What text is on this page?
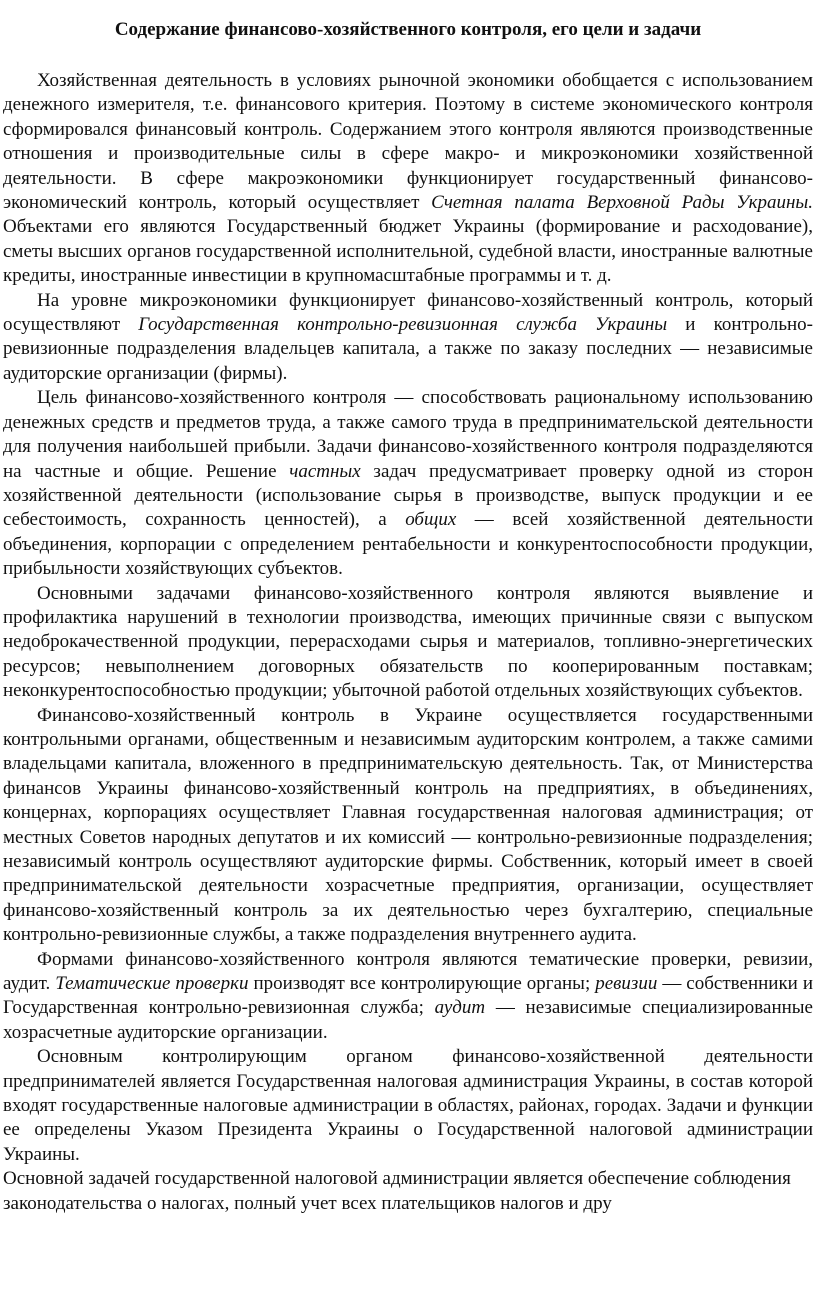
Содержание финансово-хозяйственного контроля, его цели и задачи

Хозяйственная деятельность в условиях рыночной экономики обобщается с использованием денежного измерителя, т.е. финансового критерия. Поэтому в системе экономического контроля сформировался финансовый контроль. Содержанием этого контроля являются производственные отношения и производительные силы в сфере макро- и микроэкономики хозяйственной деятельности. В сфере макроэкономики функционирует государственный финансово-экономический контроль, который осуществляет Счетная палата Верховной Рады Украины. Объектами его являются Государственный бюджет Украины (формирование и расходование), сметы высших органов государственной исполнительной, судебной власти, иностранные валютные кредиты, иностранные инвестиции в крупномасштабные программы и т. д.

На уровне микроэкономики функционирует финансово-хозяйственный контроль, который осуществляют Государственная контрольно-ревизионная служба Украины и контрольно-ревизионные подразделения владельцев капитала, а также по заказу последних — независимые аудиторские организации (фирмы).

Цель финансово-хозяйственного контроля — способствовать рациональному использованию денежных средств и предметов труда, а также самого труда в предпринимательской деятельности для получения наибольшей прибыли. Задачи финансово-хозяйственного контроля подразделяются на частные и общие. Решение частных задач предусматривает проверку одной из сторон хозяйственной деятельности (использование сырья в производстве, выпуск продукции и ее себестоимость, сохранность ценностей), а общих — всей хозяйственной деятельности объединения, корпорации с определением рентабельности и конкурентоспособности продукции, прибыльности хозяйствующих субъектов.

Основными задачами финансово-хозяйственного контроля являются выявление и профилактика нарушений в технологии производства, имеющих причинные связи с выпуском недоброкачественной продукции, перерасходами сырья и материалов, топливно-энергетических ресурсов; невыполнением договорных обязательств по кооперированным поставкам; неконкурентоспособностью продукции; убыточной работой отдельных хозяйствующих субъектов.

Финансово-хозяйственный контроль в Украине осуществляется государственными контрольными органами, общественным и независимым аудиторским контролем, а также самими владельцами капитала, вложенного в предпринимательскую деятельность. Так, от Министерства финансов Украины финансово-хозяйственный контроль на предприятиях, в объединениях, концернах, корпорациях осуществляет Главная государственная налоговая администрация; от местных Советов народных депутатов и их комиссий — контрольно-ревизионные подразделения; независимый контроль осуществляют аудиторские фирмы. Собственник, который имеет в своей предпринимательской деятельности хозрасчетные предприятия, организации, осуществляет финансово-хозяйственный контроль за их деятельностью через бухгалтерию, специальные контрольно-ревизионные службы, а также подразделения внутреннего аудита.

Формами финансово-хозяйственного контроля являются тематические проверки, ревизии, аудит. Тематические проверки производят все контролирующие органы; ревизии — собственники и Государственная контрольно-ревизионная служба; аудит — независимые специализированные хозрасчетные аудиторские организации.

Основным контролирующим органом финансово-хозяйственной деятельности предпринимателей является Государственная налоговая администрация Украины, в состав которой входят государственные налоговые администрации в областях, районах, городах. Задачи и функции ее определены Указом Президента Украины о Государственной налоговой администрации Украины.

Основной задачей государственной налоговой администрации является обеспечение соблюдения законодательства о налогах, полный учет всех плательщиков налогов и дру
